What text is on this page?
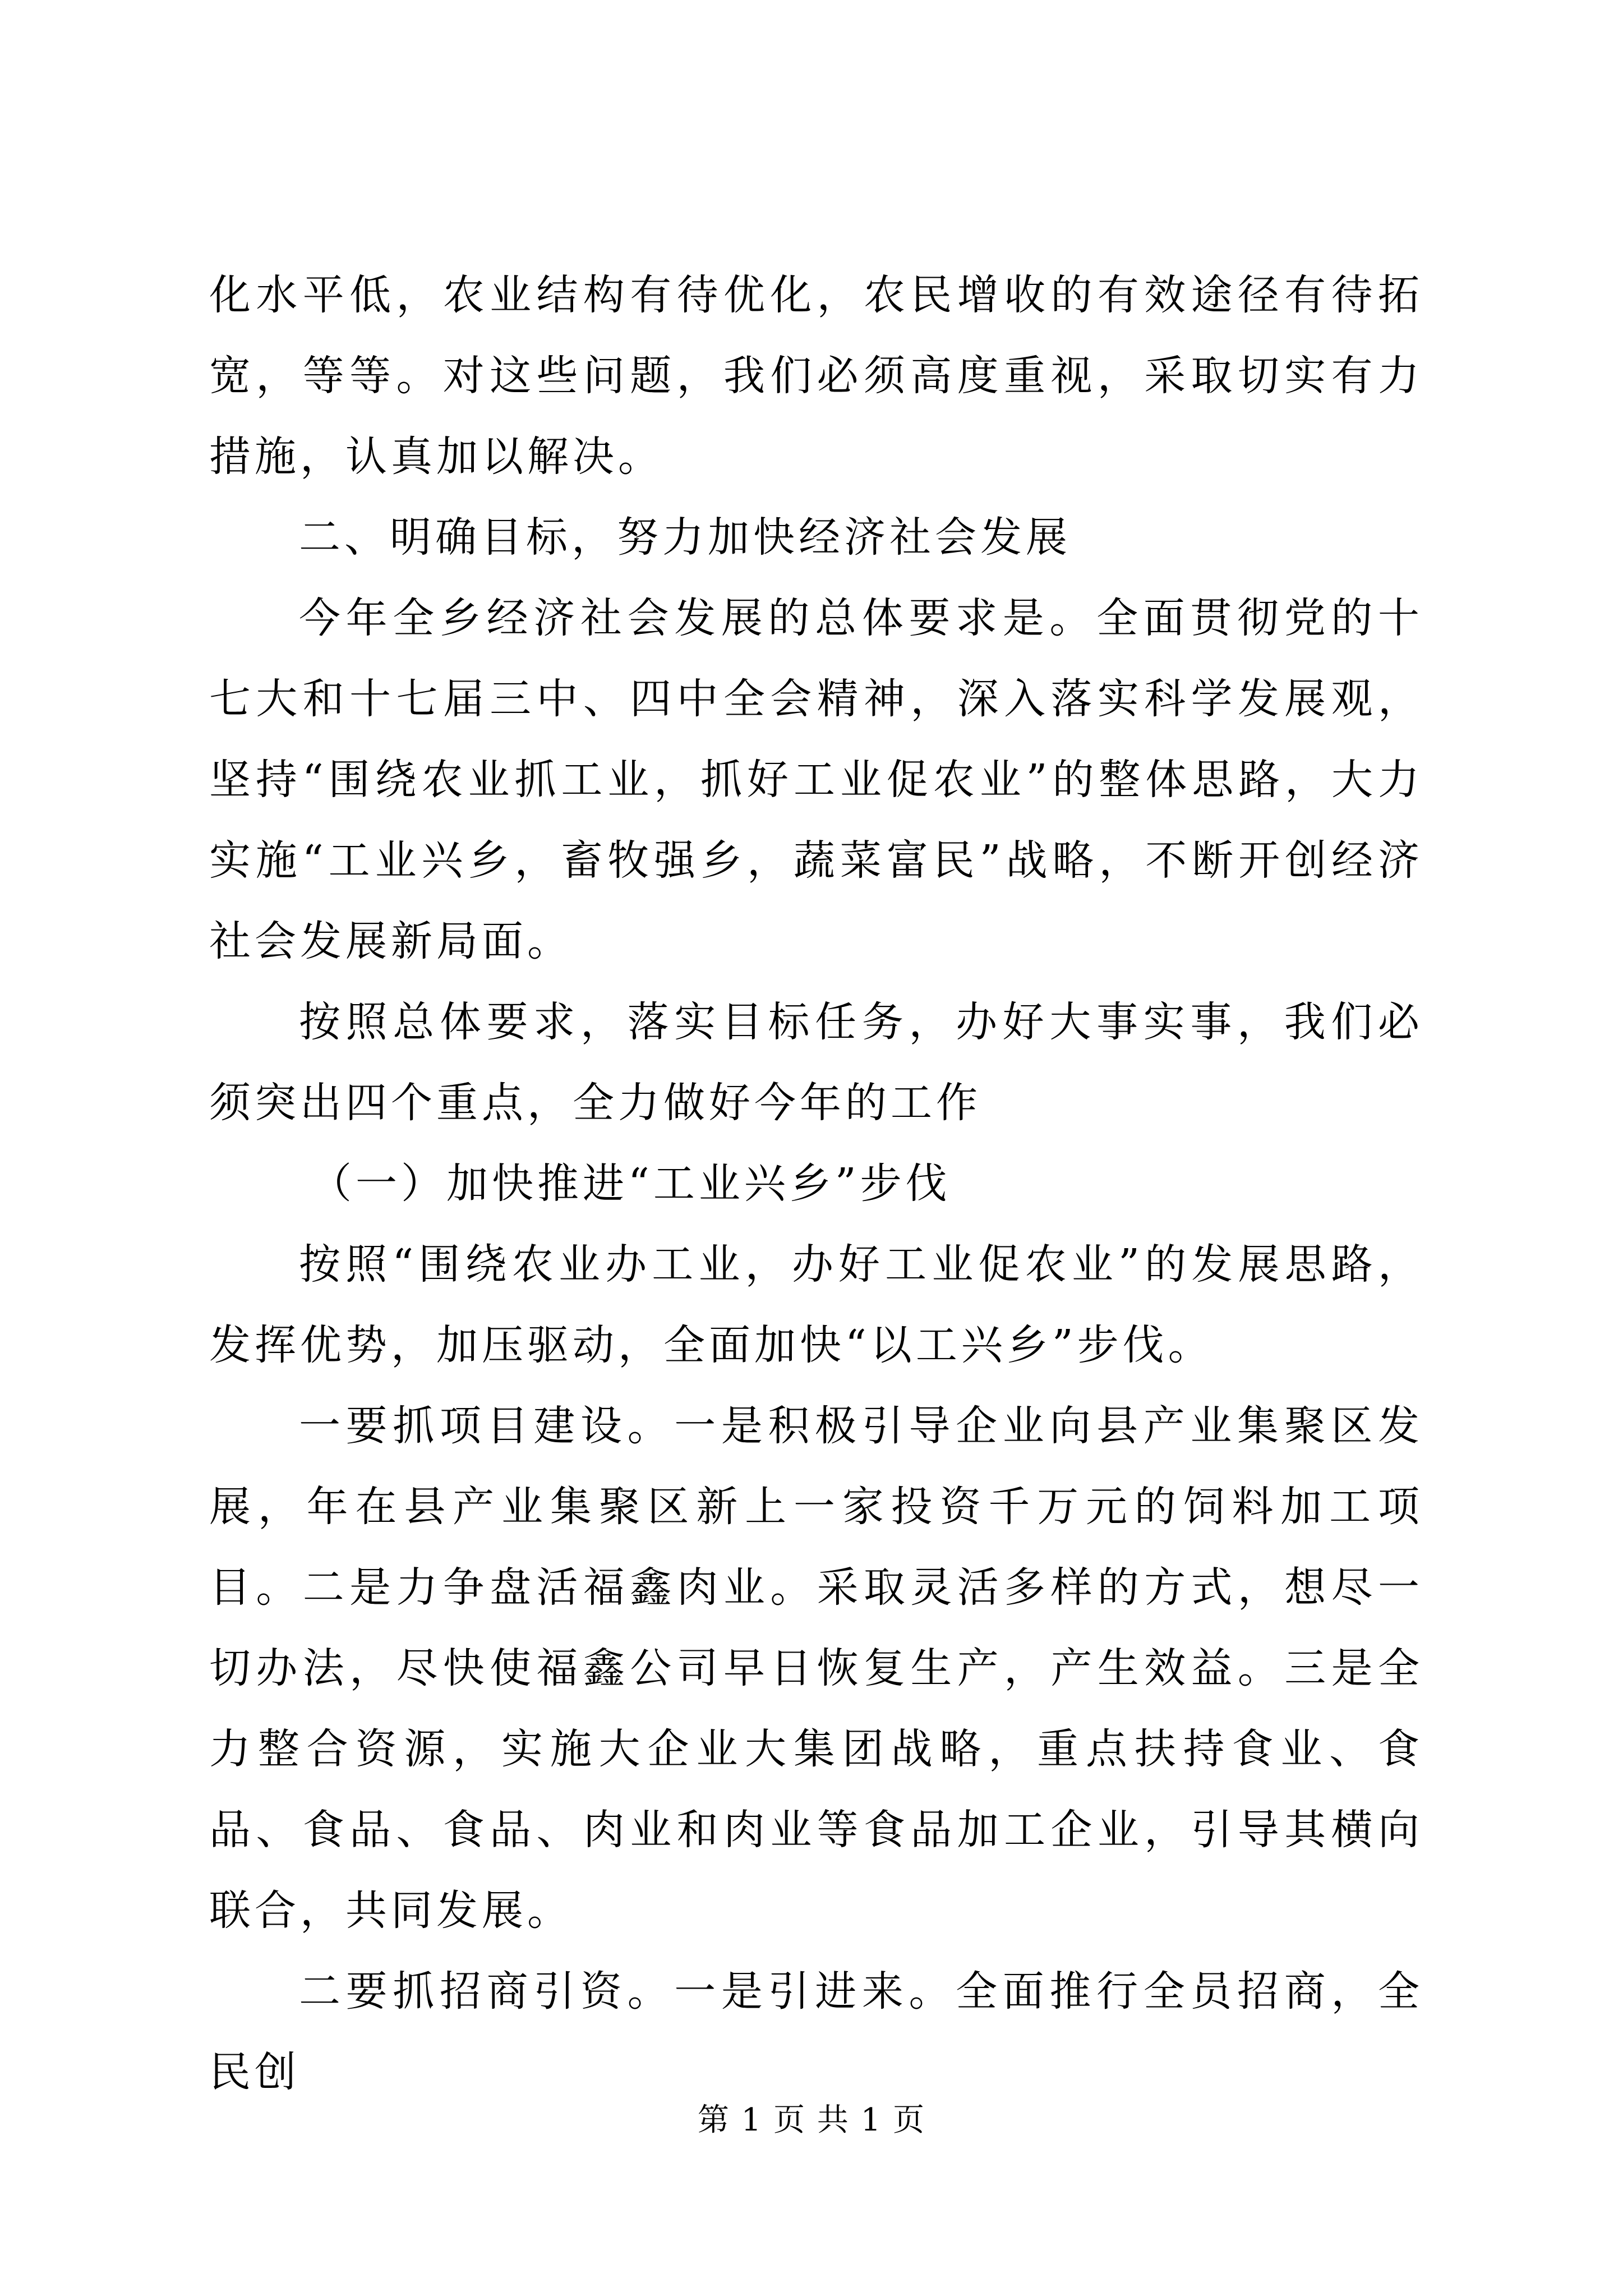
化水平低，农业结构有待优化，农民增收的有效途径有待拓宽，等等。对这些问题，我们必须高度重视，采取切实有力措施，认真加以解决。

二、明确目标，努力加快经济社会发展

今年全乡经济社会发展的总体要求是。全面贯彻党的十七大和十七届三中、四中全会精神，深入落实科学发展观，坚持“围绕农业抓工业，抓好工业促农业”的整体思路，大力实施“工业兴乡，畜牧强乡，蔬菜富民”战略，不断开创经济社会发展新局面。

按照总体要求，落实目标任务，办好大事实事，我们必须突出四个重点，全力做好今年的工作

（一）加快推进“工业兴乡”步伐

按照“围绕农业办工业，办好工业促农业”的发展思路，发挥优势，加压驱动，全面加快“以工兴乡”步伐。

一要抓项目建设。一是积极引导企业向县产业集聚区发展，年在县产业集聚区新上一家投资千万元的饲料加工项目。二是力争盘活福鑫肉业。采取灵活多样的方式，想尽一切办法，尽快使福鑫公司早日恢复生产，产生效益。三是全力整合资源，实施大企业大集团战略，重点扶持食业、食品、食品、食品、肉业和肉业等食品加工企业，引导其横向联合，共同发展。

二要抓招商引资。一是引进来。全面推行全员招商，全民创

第 1 页 共 1 页
